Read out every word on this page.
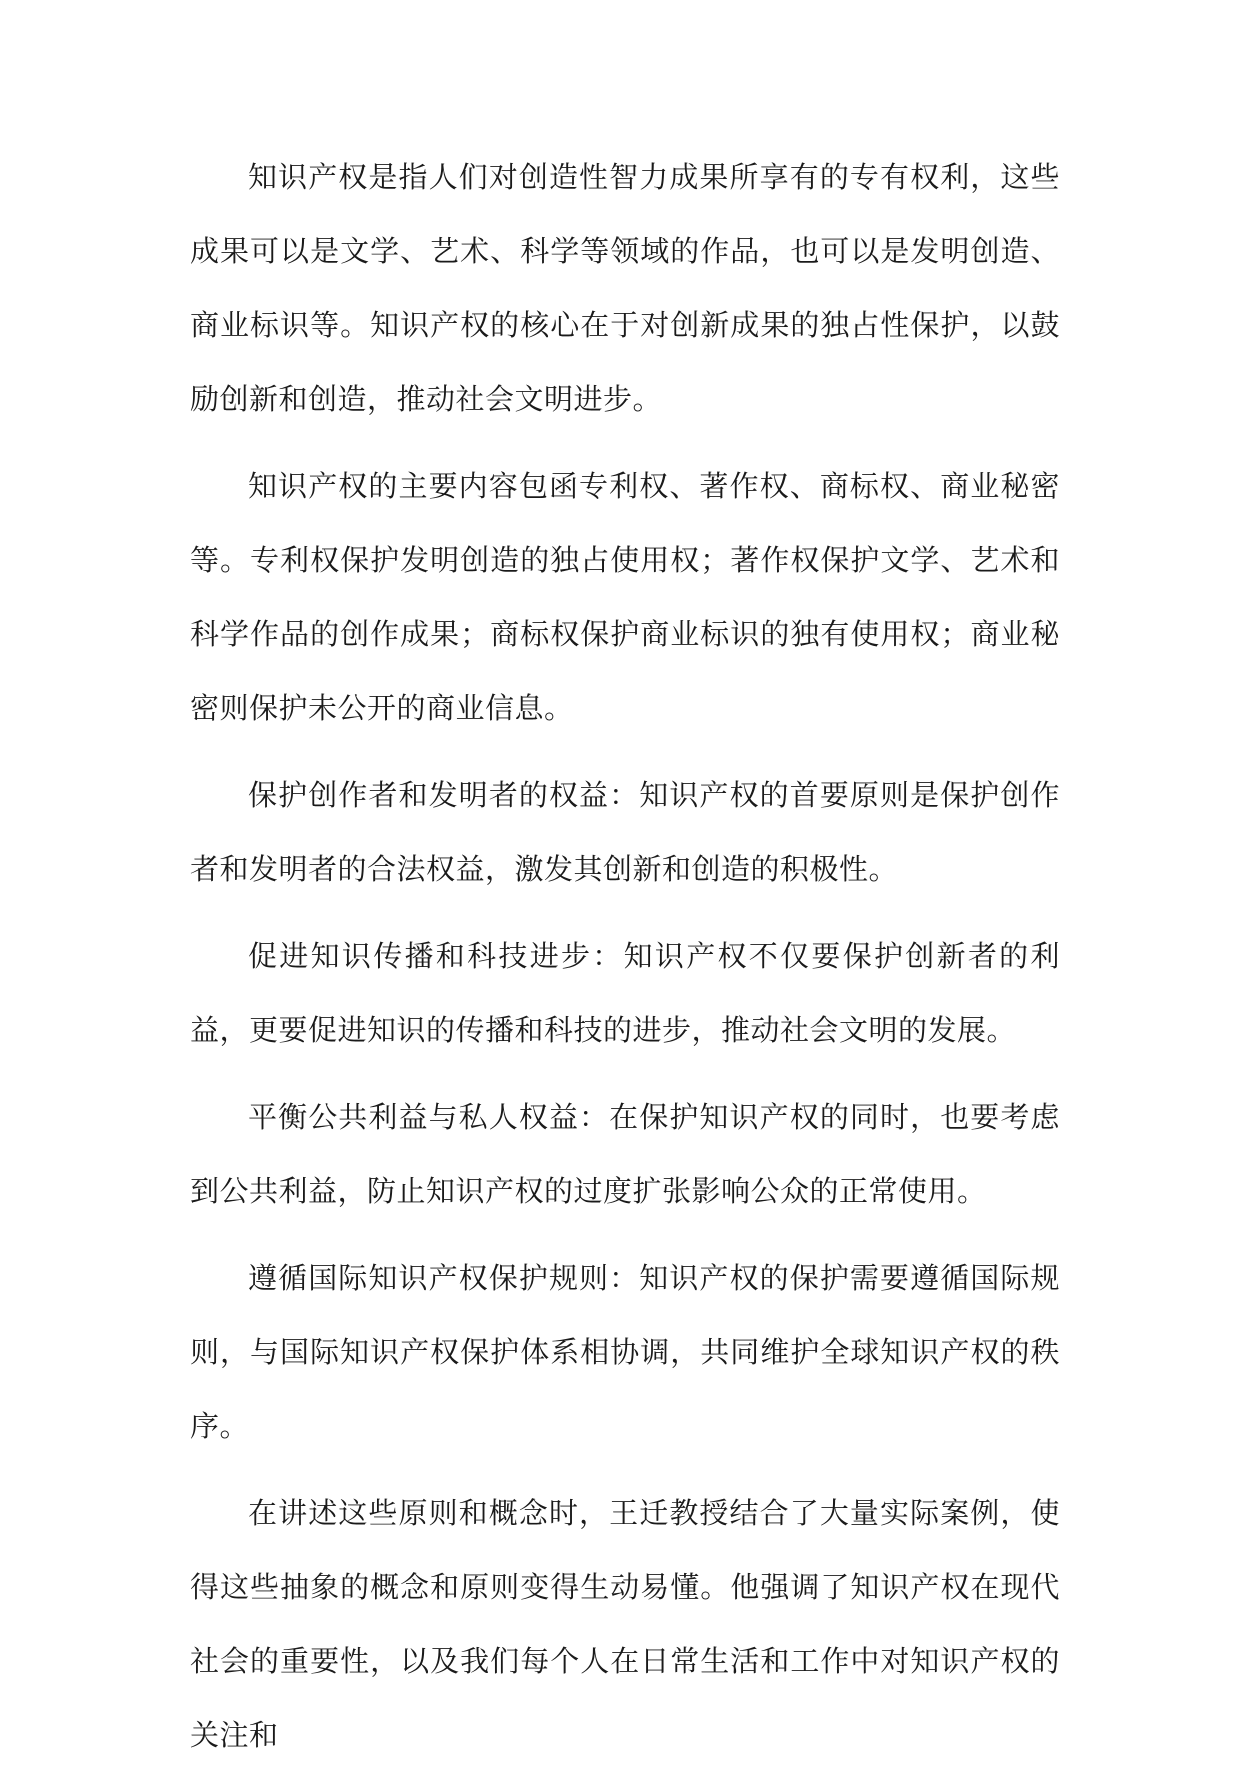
知识产权是指人们对创造性智力成果所享有的专有权利，这些成果可以是文学、艺术、科学等领域的作品，也可以是发明创造、商业标识等。知识产权的核心在于对创新成果的独占性保护，以鼓励创新和创造，推动社会文明进步。

知识产权的主要内容包函专利权、著作权、商标权、商业秘密等。专利权保护发明创造的独占使用权；著作权保护文学、艺术和科学作品的创作成果；商标权保护商业标识的独有使用权；商业秘密则保护未公开的商业信息。

保护创作者和发明者的权益：知识产权的首要原则是保护创作者和发明者的合法权益，激发其创新和创造的积极性。

促进知识传播和科技进步：知识产权不仅要保护创新者的利益，更要促进知识的传播和科技的进步，推动社会文明的发展。

平衡公共利益与私人权益：在保护知识产权的同时，也要考虑到公共利益，防止知识产权的过度扩张影响公众的正常使用。

遵循国际知识产权保护规则：知识产权的保护需要遵循国际规则，与国际知识产权保护体系相协调，共同维护全球知识产权的秩序。

在讲述这些原则和概念时，王迁教授结合了大量实际案例，使得这些抽象的概念和原则变得生动易懂。他强调了知识产权在现代社会的重要性，以及我们每个人在日常生活和工作中对知识产权的关注和
